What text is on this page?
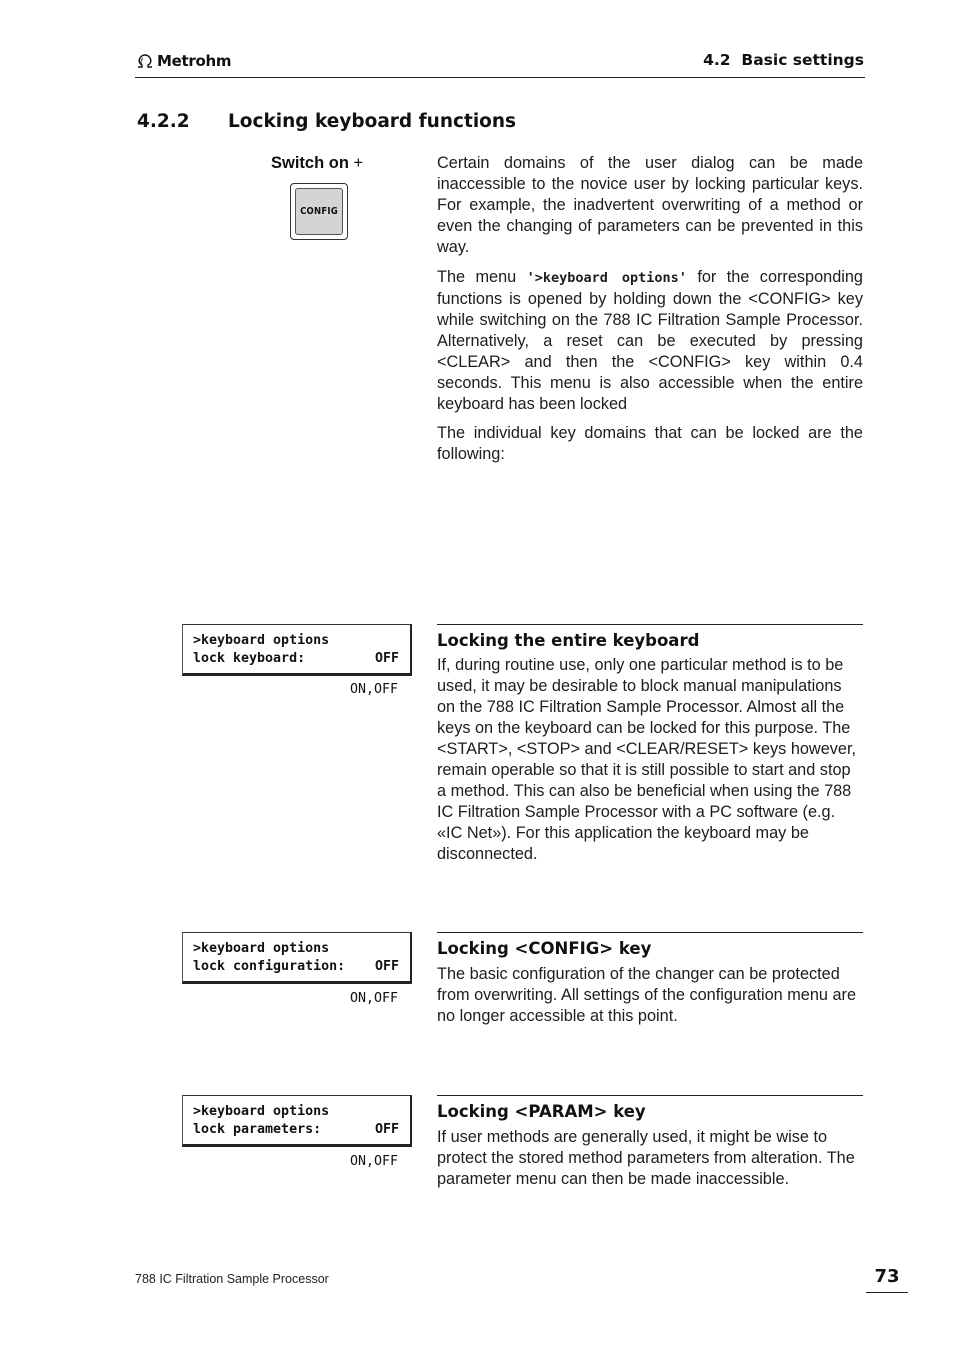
Metrohm	4.2  Basic settings
4.2.2 Locking keyboard functions
Switch on +
CONFIG
Certain domains of the user dialog can be made inaccessible to the novice user by locking particular keys. For example, the inadvertent overwriting of a method or even the changing of parameters can be prevented in this way.
The menu '>keyboard options' for the corresponding functions is opened by holding down the <CONFIG> key while switching on the 788 IC Filtration Sample Processor. Alternatively, a reset can be executed by pressing <CLEAR> and then the <CONFIG> key within 0.4 seconds. This menu is also accessible when the entire keyboard has been locked
The individual key domains that can be locked are the following:
>keyboard options
lock keyboard:	OFF
ON,OFF
Locking the entire keyboard
If, during routine use, only one particular method is to be used, it may be desirable to block manual manipulations on the 788 IC Filtration Sample Processor. Almost all the keys on the keyboard can be locked for this purpose. The <START>, <STOP> and <CLEAR/RESET> keys however, remain operable so that it is still possible to start and stop a method. This can also be beneficial when using the 788 IC Filtration Sample Processor with a PC software (e.g. «IC Net»). For this application the keyboard may be disconnected.
>keyboard options
lock configuration: OFF
ON,OFF
Locking <CONFIG> key
The basic configuration of the changer can be protected from overwriting. All settings of the configuration menu are no longer accessible at this point.
>keyboard options
lock parameters:	OFF
ON,OFF
Locking <PARAM> key
If user methods are generally used, it might be wise to protect the stored method parameters from alteration. The parameter menu can then be made inaccessible.
788 IC Filtration Sample Processor	73
